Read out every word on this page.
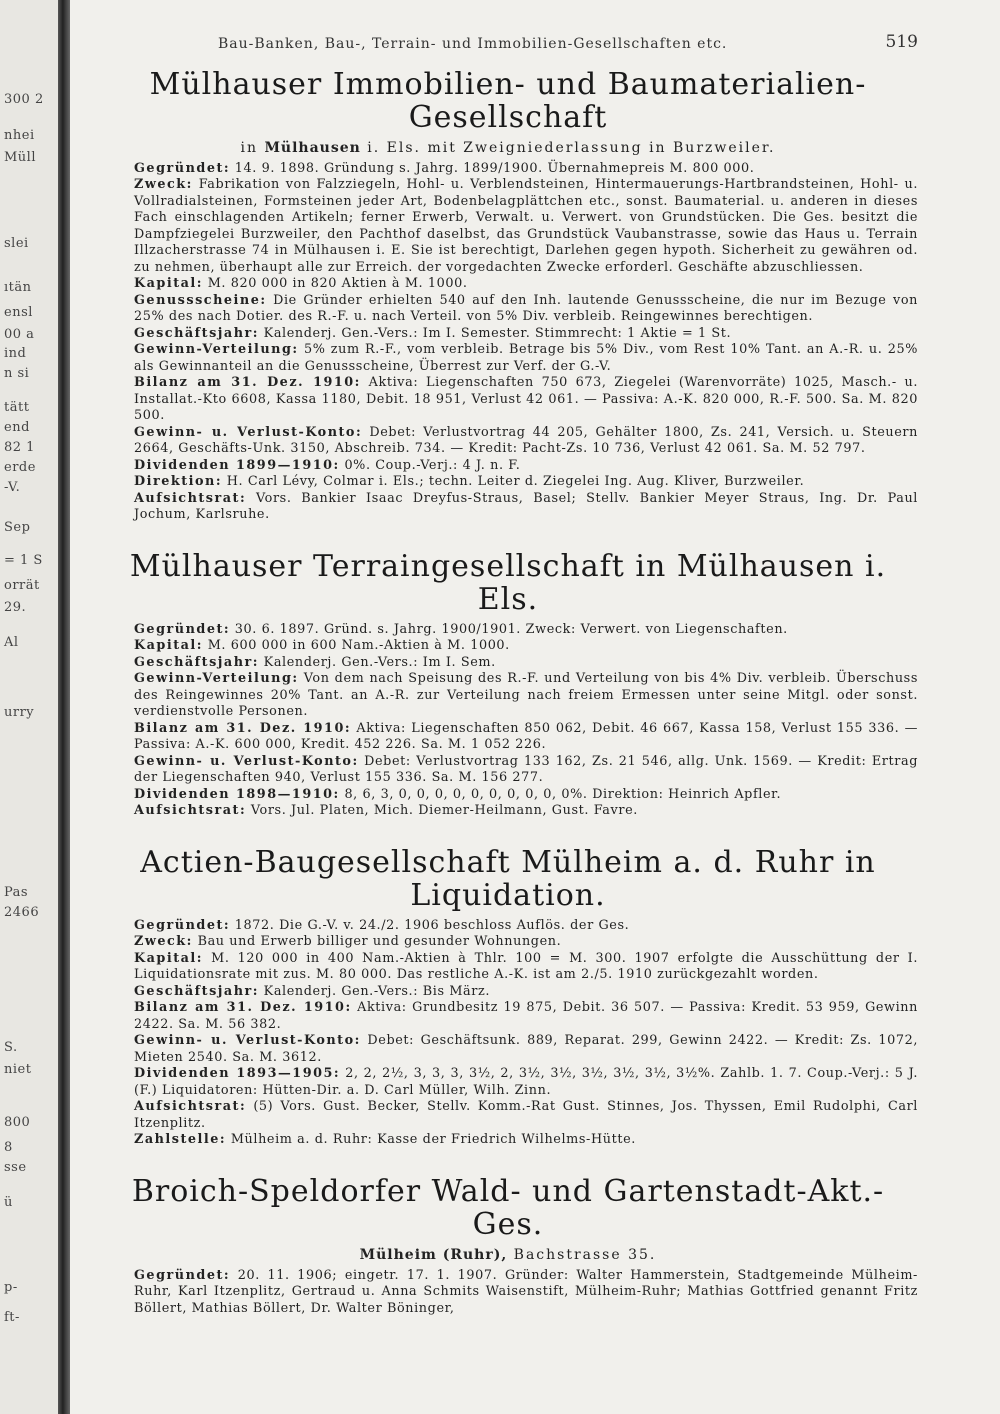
300 2
nhei
Müll
slei
ıtän
ensl
00 a
ind
n si
tätt
end
82 1
erde
-V.
Sep
= 1 S
orrät
29.
Al
urry
Pas
2466
S.
niet
800
8
sse
ü
p-
ft-
Bau-Banken, Bau-, Terrain- und Immobilien-Gesellschaften etc.	519
Mülhauser Immobilien- und Baumaterialien-Gesellschaft
in Mülhausen i. Els. mit Zweigniederlassung in Burzweiler.

Gegründet: 14. 9. 1898. Gründung s. Jahrg. 1899/1900. Übernahmepreis M. 800 000.

Zweck: Fabrikation von Falzziegeln, Hohl- u. Verblendsteinen, Hintermauerungs-Hartbrandsteinen, Hohl- u. Vollradialsteinen, Formsteinen jeder Art, Bodenbelagplättchen etc., sonst. Baumaterial. u. anderen in dieses Fach einschlagenden Artikeln; ferner Erwerb, Verwalt. u. Verwert. von Grundstücken. Die Ges. besitzt die Dampfziegelei Burzweiler, den Pachthof daselbst, das Grundstück Vaubanstrasse, sowie das Haus u. Terrain Illzacherstrasse 74 in Mülhausen i. E. Sie ist berechtigt, Darlehen gegen hypoth. Sicherheit zu gewähren od. zu nehmen, überhaupt alle zur Erreich. der vorgedachten Zwecke erforderl. Geschäfte abzuschliessen.

Kapital: M. 820 000 in 820 Aktien à M. 1000.

Genussscheine: Die Gründer erhielten 540 auf den Inh. lautende Genussscheine, die nur im Bezuge von 25% des nach Dotier. des R.-F. u. nach Verteil. von 5% Div. verbleib. Reingewinnes berechtigen.

Geschäftsjahr: Kalenderj. Gen.-Vers.: Im I. Semester. Stimmrecht: 1 Aktie = 1 St.

Gewinn-Verteilung: 5% zum R.-F., vom verbleib. Betrage bis 5% Div., vom Rest 10% Tant. an A.-R. u. 25% als Gewinnanteil an die Genussscheine, Überrest zur Verf. der G.-V.

Bilanz am 31. Dez. 1910: Aktiva: Liegenschaften 750 673, Ziegelei (Warenvorräte) 1025, Masch.- u. Installat.-Kto 6608, Kassa 1180, Debit. 18 951, Verlust 42 061. — Passiva: A.-K. 820 000, R.-F. 500. Sa. M. 820 500.

Gewinn- u. Verlust-Konto: Debet: Verlustvortrag 44 205, Gehälter 1800, Zs. 241, Versich. u. Steuern 2664, Geschäfts-Unk. 3150, Abschreib. 734. — Kredit: Pacht-Zs. 10 736, Verlust 42 061. Sa. M. 52 797.

Dividenden 1899—1910: 0%. Coup.-Verj.: 4 J. n. F.

Direktion: H. Carl Lévy, Colmar i. Els.; techn. Leiter d. Ziegelei Ing. Aug. Kliver, Burzweiler.

Aufsichtsrat: Vors. Bankier Isaac Dreyfus-Straus, Basel; Stellv. Bankier Meyer Straus, Ing. Dr. Paul Jochum, Karlsruhe.

Mülhauser Terraingesellschaft in Mülhausen i. Els.

Gegründet: 30. 6. 1897. Gründ. s. Jahrg. 1900/1901. Zweck: Verwert. von Liegenschaften.

Kapital: M. 600 000 in 600 Nam.-Aktien à M. 1000.

Geschäftsjahr: Kalenderj. Gen.-Vers.: Im I. Sem.

Gewinn-Verteilung: Von dem nach Speisung des R.-F. und Verteilung von bis 4% Div. verbleib. Überschuss des Reingewinnes 20% Tant. an A.-R. zur Verteilung nach freiem Ermessen unter seine Mitgl. oder sonst. verdienstvolle Personen.

Bilanz am 31. Dez. 1910: Aktiva: Liegenschaften 850 062, Debit. 46 667, Kassa 158, Verlust 155 336. — Passiva: A.-K. 600 000, Kredit. 452 226. Sa. M. 1 052 226.

Gewinn- u. Verlust-Konto: Debet: Verlustvortrag 133 162, Zs. 21 546, allg. Unk. 1569. — Kredit: Ertrag der Liegenschaften 940, Verlust 155 336. Sa. M. 156 277.

Dividenden 1898—1910: 8, 6, 3, 0, 0, 0, 0, 0, 0, 0, 0, 0, 0%. Direktion: Heinrich Apfler.

Aufsichtsrat: Vors. Jul. Platen, Mich. Diemer-Heilmann, Gust. Favre.

Actien-Baugesellschaft Mülheim a. d. Ruhr in Liquidation.

Gegründet: 1872. Die G.-V. v. 24./2. 1906 beschloss Auflös. der Ges.

Zweck: Bau und Erwerb billiger und gesunder Wohnungen.

Kapital: M. 120 000 in 400 Nam.-Aktien à Thlr. 100 = M. 300. 1907 erfolgte die Ausschüttung der I. Liquidationsrate mit zus. M. 80 000. Das restliche A.-K. ist am 2./5. 1910 zurückgezahlt worden.

Geschäftsjahr: Kalenderj. Gen.-Vers.: Bis März.

Bilanz am 31. Dez. 1910: Aktiva: Grundbesitz 19 875, Debit. 36 507. — Passiva: Kredit. 53 959, Gewinn 2422. Sa. M. 56 382.

Gewinn- u. Verlust-Konto: Debet: Geschäftsunk. 889, Reparat. 299, Gewinn 2422. — Kredit: Zs. 1072, Mieten 2540. Sa. M. 3612.

Dividenden 1893—1905: 2, 2, 2½, 3, 3, 3, 3½, 2, 3½, 3½, 3½, 3½, 3½, 3½%. Zahlb. 1. 7. Coup.-Verj.: 5 J. (F.) Liquidatoren: Hütten-Dir. a. D. Carl Müller, Wilh. Zinn.

Aufsichtsrat: (5) Vors. Gust. Becker, Stellv. Komm.-Rat Gust. Stinnes, Jos. Thyssen, Emil Rudolphi, Carl Itzenplitz.

Zahlstelle: Mülheim a. d. Ruhr: Kasse der Friedrich Wilhelms-Hütte.

Broich-Speldorfer Wald- und Gartenstadt-Akt.-Ges.
Mülheim (Ruhr), Bachstrasse 35.

Gegründet: 20. 11. 1906; eingetr. 17. 1. 1907. Gründer: Walter Hammerstein, Stadtgemeinde Mülheim-Ruhr, Karl Itzenplitz, Gertraud u. Anna Schmits Waisenstift, Mülheim-Ruhr; Mathias Gottfried genannt Fritz Böllert, Mathias Böllert, Dr. Walter Böninger,
